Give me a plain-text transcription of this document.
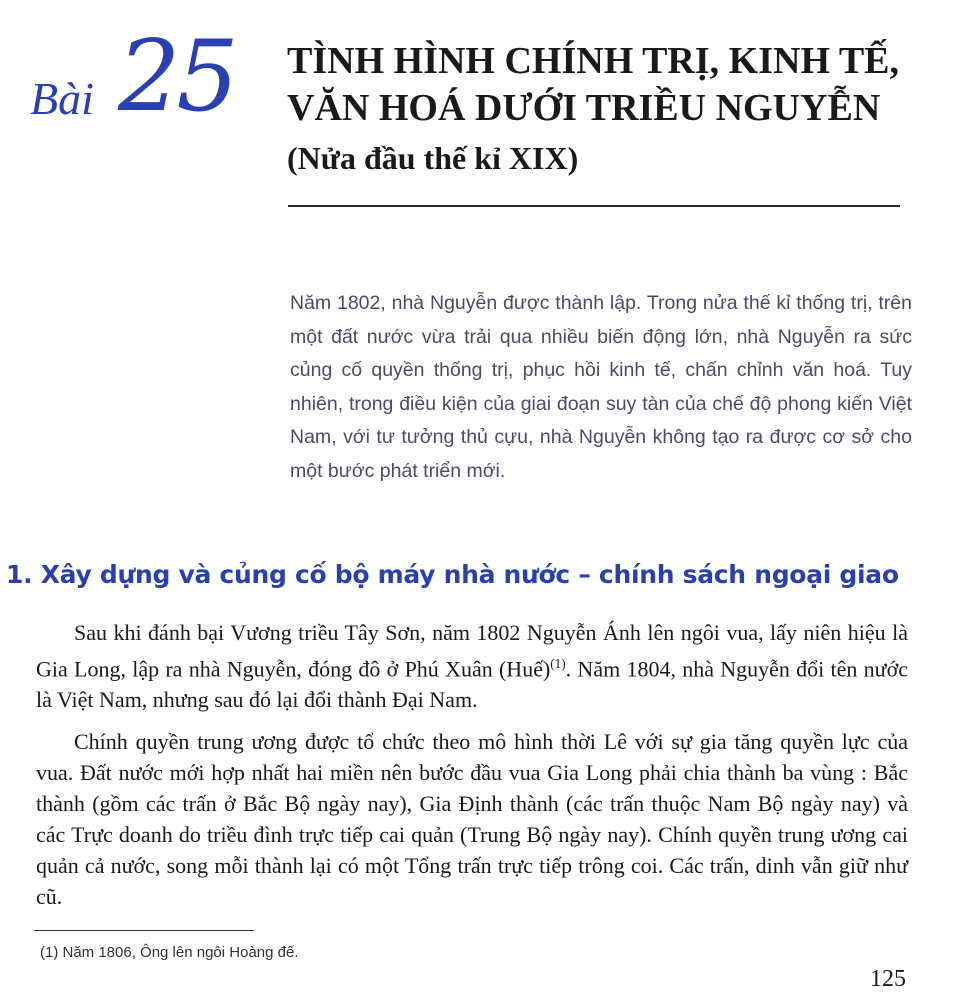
Bài 25 TÌNH HÌNH CHÍNH TRỊ, KINH TẾ, VĂN HOÁ DƯỚI TRIỀU NGUYỄN
(Nửa đầu thế kỉ XIX)
Năm 1802, nhà Nguyễn được thành lập. Trong nửa thế kỉ thống trị, trên một đất nước vừa trải qua nhiều biến động lớn, nhà Nguyễn ra sức củng cố quyền thống trị, phục hồi kinh tế, chấn chỉnh văn hoá. Tuy nhiên, trong điều kiện của giai đoạn suy tàn của chế độ phong kiến Việt Nam, với tư tưởng thủ cựu, nhà Nguyễn không tạo ra được cơ sở cho một bước phát triển mới.
1. Xây dựng và củng cố bộ máy nhà nước – chính sách ngoại giao

Sau khi đánh bại Vương triều Tây Sơn, năm 1802 Nguyễn Ánh lên ngôi vua, lấy niên hiệu là Gia Long, lập ra nhà Nguyễn, đóng đô ở Phú Xuân (Huế)$^{(1)}$. Năm 1804, nhà Nguyễn đổi tên nước là Việt Nam, nhưng sau đó lại đổi thành Đại Nam.

Chính quyền trung ương được tổ chức theo mô hình thời Lê với sự gia tăng quyền lực của vua. Đất nước mới hợp nhất hai miền nên bước đầu vua Gia Long phải chia thành ba vùng : Bắc thành (gồm các trấn ở Bắc Bộ ngày nay), Gia Định thành (các trấn thuộc Nam Bộ ngày nay) và các Trực doanh do triều đình trực tiếp cai quản (Trung Bộ ngày nay). Chính quyền trung ương cai quản cả nước, song mỗi thành lại có một Tổng trấn trực tiếp trông coi. Các trấn, dinh vẫn giữ như cũ.

(1) Năm 1806, Ông lên ngôi Hoàng đế.
125
